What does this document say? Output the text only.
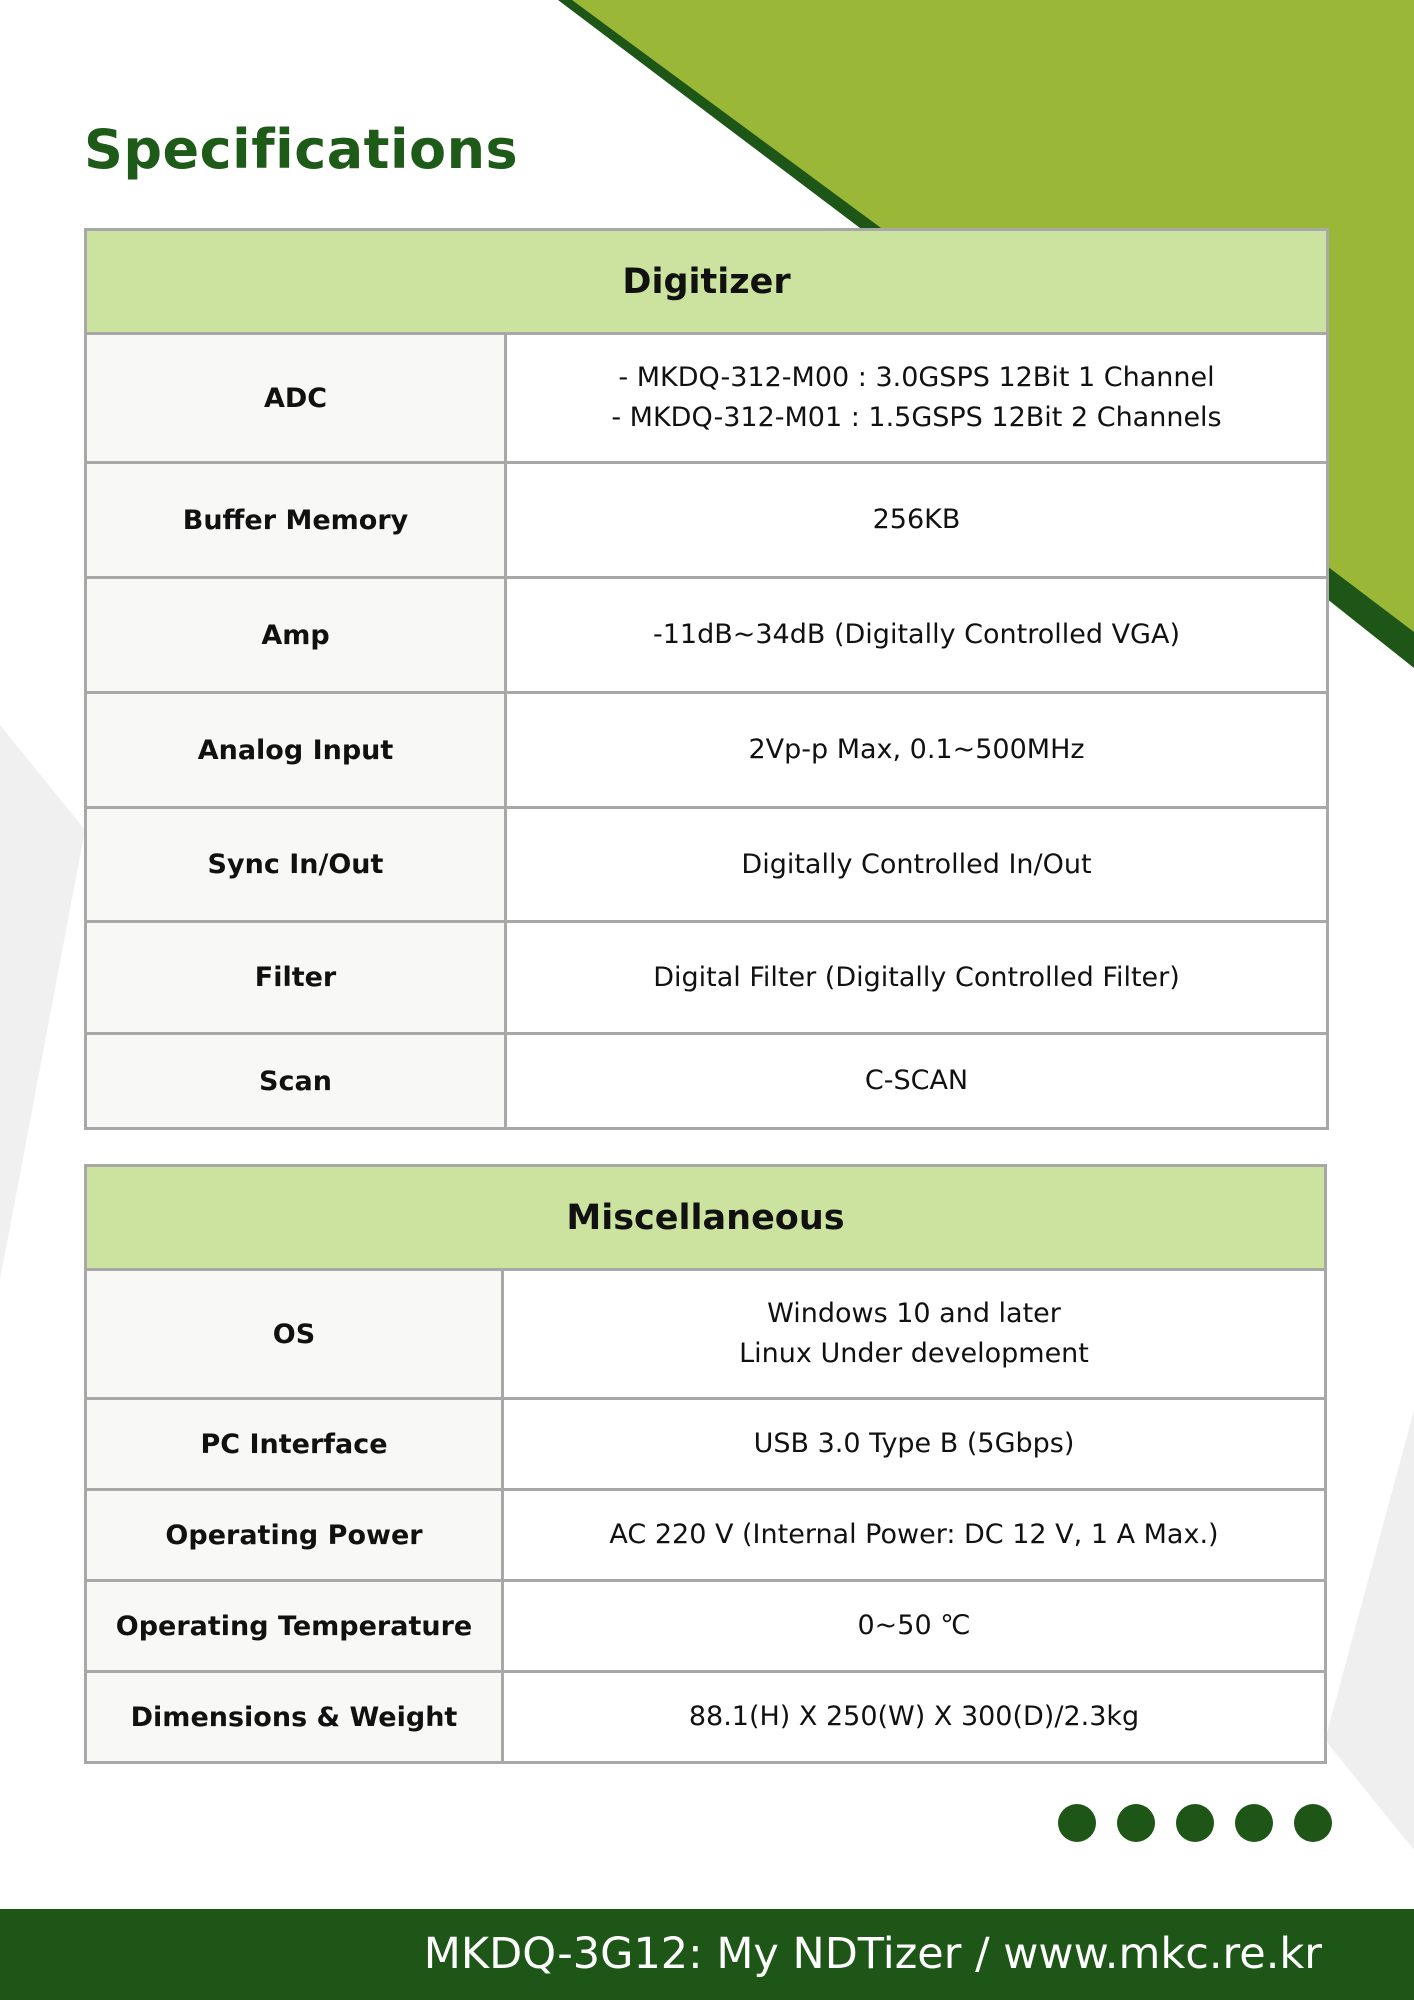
Specifications
Digitizer	
ADC	- MKDQ-312-M00 : 3.0GSPS 12Bit 1 Channel
- MKDQ-312-M01 : 1.5GSPS 12Bit 2 Channels

Buffer Memory	256KB
Amp	-11dB~34dB (Digitally Controlled VGA)
Analog Input	2Vp-p Max, 0.1~500MHz
Sync In/Out	Digitally Controlled In/Out
Filter	Digital Filter (Digitally Controlled Filter)
Scan	C-SCAN
Miscellaneous	
OS	Windows 10 and later
Linux Under development

PC Interface	USB 3.0 Type B (5Gbps)
Operating Power	AC 220 V (Internal Power: DC 12 V, 1 A Max.)
Operating Temperature	0~50 ℃
Dimensions & Weight	88.1(H) X 250(W) X 300(D)/2.3kg
MKDQ-3G12: My NDTizer / www.mkc.re.kr
